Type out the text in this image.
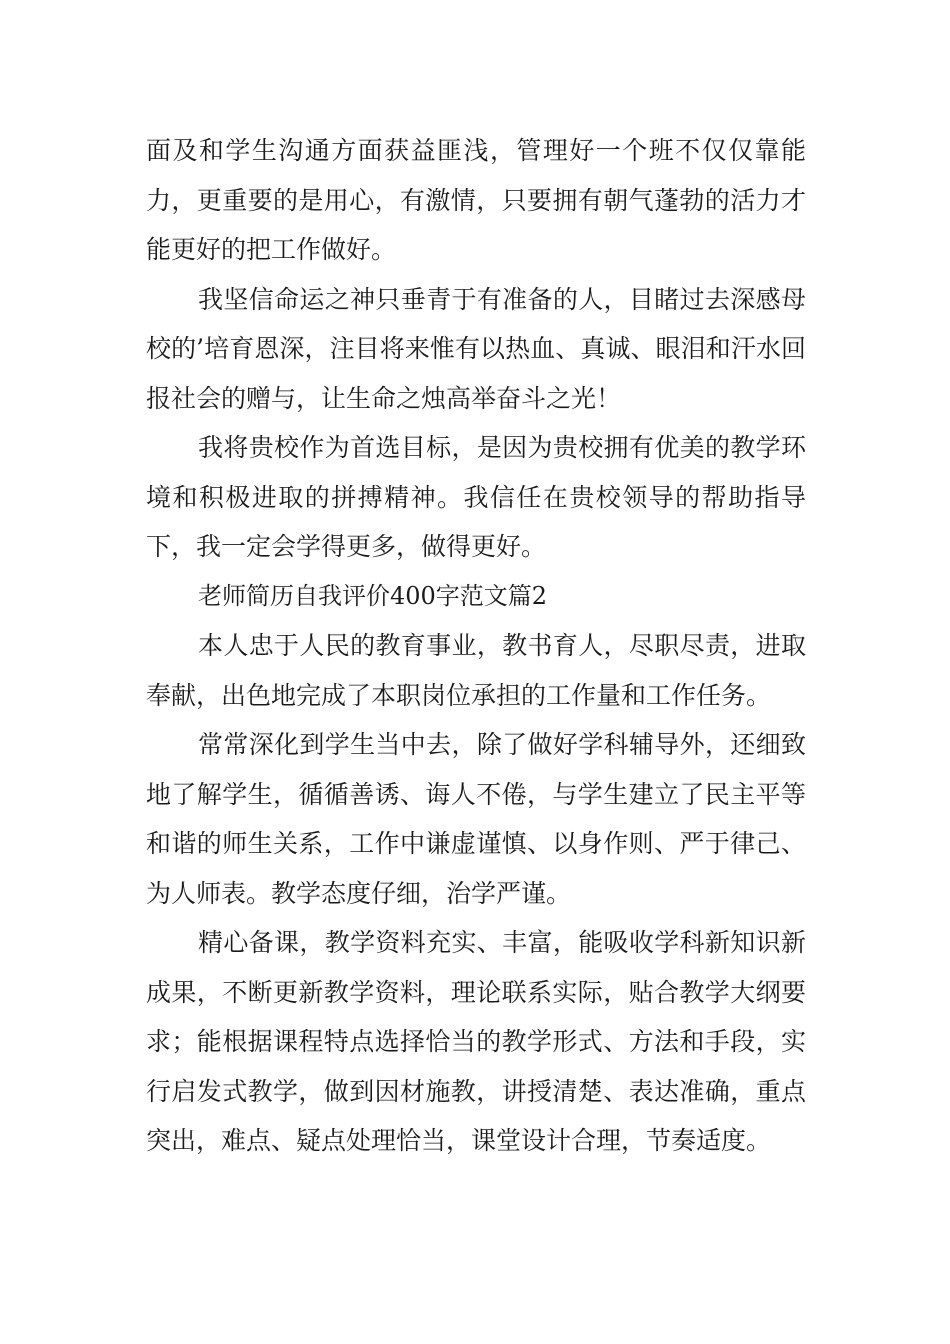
面及和学生沟通方面获益匪浅，管理好一个班不仅仅靠能力，更重要的是用心，有激情，只要拥有朝气蓬勃的活力才能更好的把工作做好。

我坚信命运之神只垂青于有准备的人，目睹过去深感母校的’培育恩深，注目将来惟有以热血、真诚、眼泪和汗水回报社会的赠与，让生命之烛高举奋斗之光！

我将贵校作为首选目标，是因为贵校拥有优美的教学环境和积极进取的拼搏精神。我信任在贵校领导的帮助指导下，我一定会学得更多，做得更好。

老师简历自我评价400字范文篇2

本人忠于人民的教育事业，教书育人，尽职尽责，进取奉献，出色地完成了本职岗位承担的工作量和工作任务。

常常深化到学生当中去，除了做好学科辅导外，还细致地了解学生，循循善诱、诲人不倦，与学生建立了民主平等和谐的师生关系，工作中谦虚谨慎、以身作则、严于律己、为人师表。教学态度仔细，治学严谨。

精心备课，教学资料充实、丰富，能吸收学科新知识新成果，不断更新教学资料，理论联系实际，贴合教学大纲要求；能根据课程特点选择恰当的教学形式、方法和手段，实行启发式教学，做到因材施教，讲授清楚、表达准确，重点突出，难点、疑点处理恰当，课堂设计合理，节奏适度。
